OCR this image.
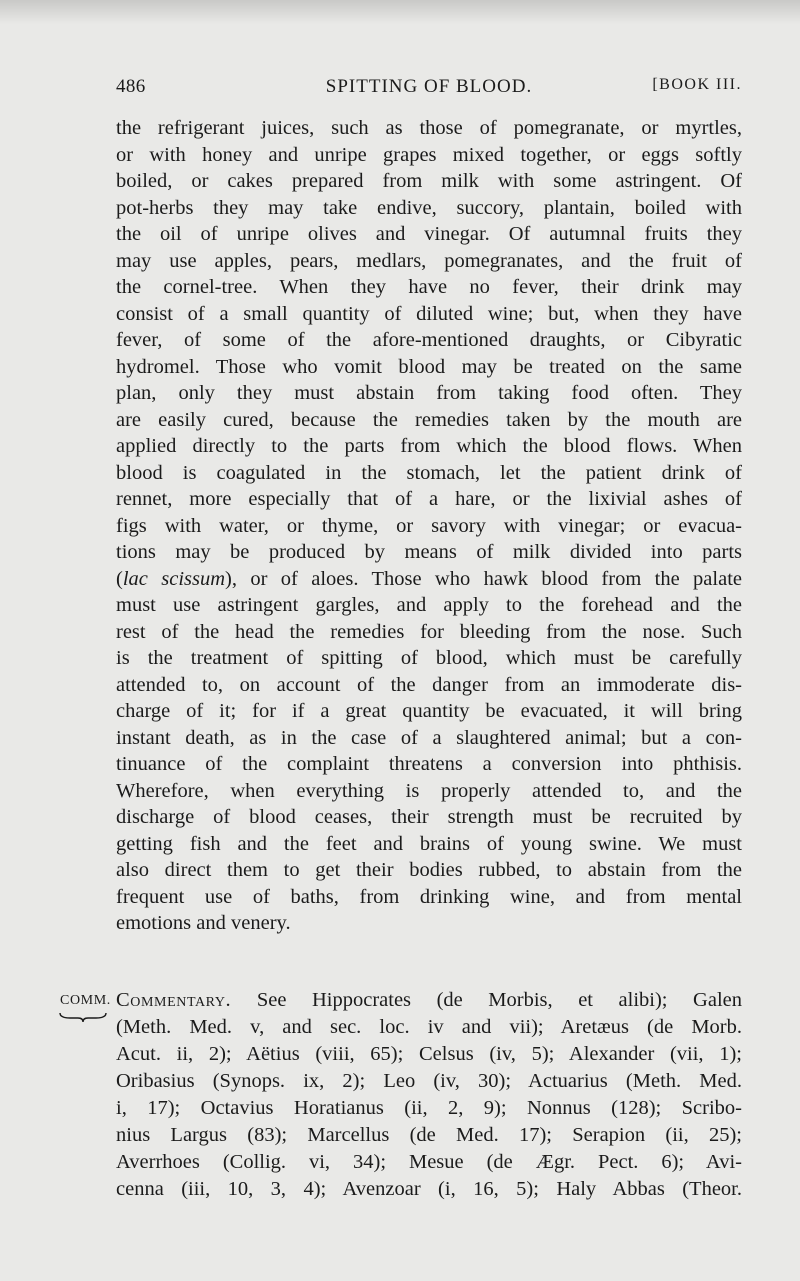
486	SPITTING OF BLOOD.	[BOOK III.
the refrigerant juices, such as those of pomegranate, or myrtles,
or with honey and unripe grapes mixed together, or eggs softly
boiled, or cakes prepared from milk with some astringent. Of
pot-herbs they may take endive, succory, plantain, boiled with
the oil of unripe olives and vinegar. Of autumnal fruits they
may use apples, pears, medlars, pomegranates, and the fruit of
the cornel-tree. When they have no fever, their drink may
consist of a small quantity of diluted wine; but, when they have
fever, of some of the afore-mentioned draughts, or Cibyratic
hydromel. Those who vomit blood may be treated on the same
plan, only they must abstain from taking food often. They
are easily cured, because the remedies taken by the mouth are
applied directly to the parts from which the blood flows. When
blood is coagulated in the stomach, let the patient drink of
rennet, more especially that of a hare, or the lixivial ashes of
figs with water, or thyme, or savory with vinegar; or evacua-
tions may be produced by means of milk divided into parts
(lac scissum), or of aloes. Those who hawk blood from the palate
must use astringent gargles, and apply to the forehead and the
rest of the head the remedies for bleeding from the nose. Such
is the treatment of spitting of blood, which must be carefully
attended to, on account of the danger from an immoderate dis-
charge of it; for if a great quantity be evacuated, it will bring
instant death, as in the case of a slaughtered animal; but a con-
tinuance of the complaint threatens a conversion into phthisis.
Wherefore, when everything is properly attended to, and the
discharge of blood ceases, their strength must be recruited by
getting fish and the feet and brains of young swine. We must
also direct them to get their bodies rubbed, to abstain from the
frequent use of baths, from drinking wine, and from mental
emotions and venery.
COMM. Commentary. See Hippocrates (de Morbis, et alibi); Galen
(Meth. Med. v, and sec. loc. iv and vii); Aretæus (de Morb.
Acut. ii, 2); Aëtius (viii, 65); Celsus (iv, 5); Alexander (vii, 1);
Oribasius (Synops. ix, 2); Leo (iv, 30); Actuarius (Meth. Med.
i, 17); Octavius Horatianus (ii, 2, 9); Nonnus (128); Scribo-
nius Largus (83); Marcellus (de Med. 17); Serapion (ii, 25);
Averrhoes (Collig. vi, 34); Mesue (de Ægr. Pect. 6); Avi-
cenna (iii, 10, 3, 4); Avenzoar (i, 16, 5); Haly Abbas (Theor.
